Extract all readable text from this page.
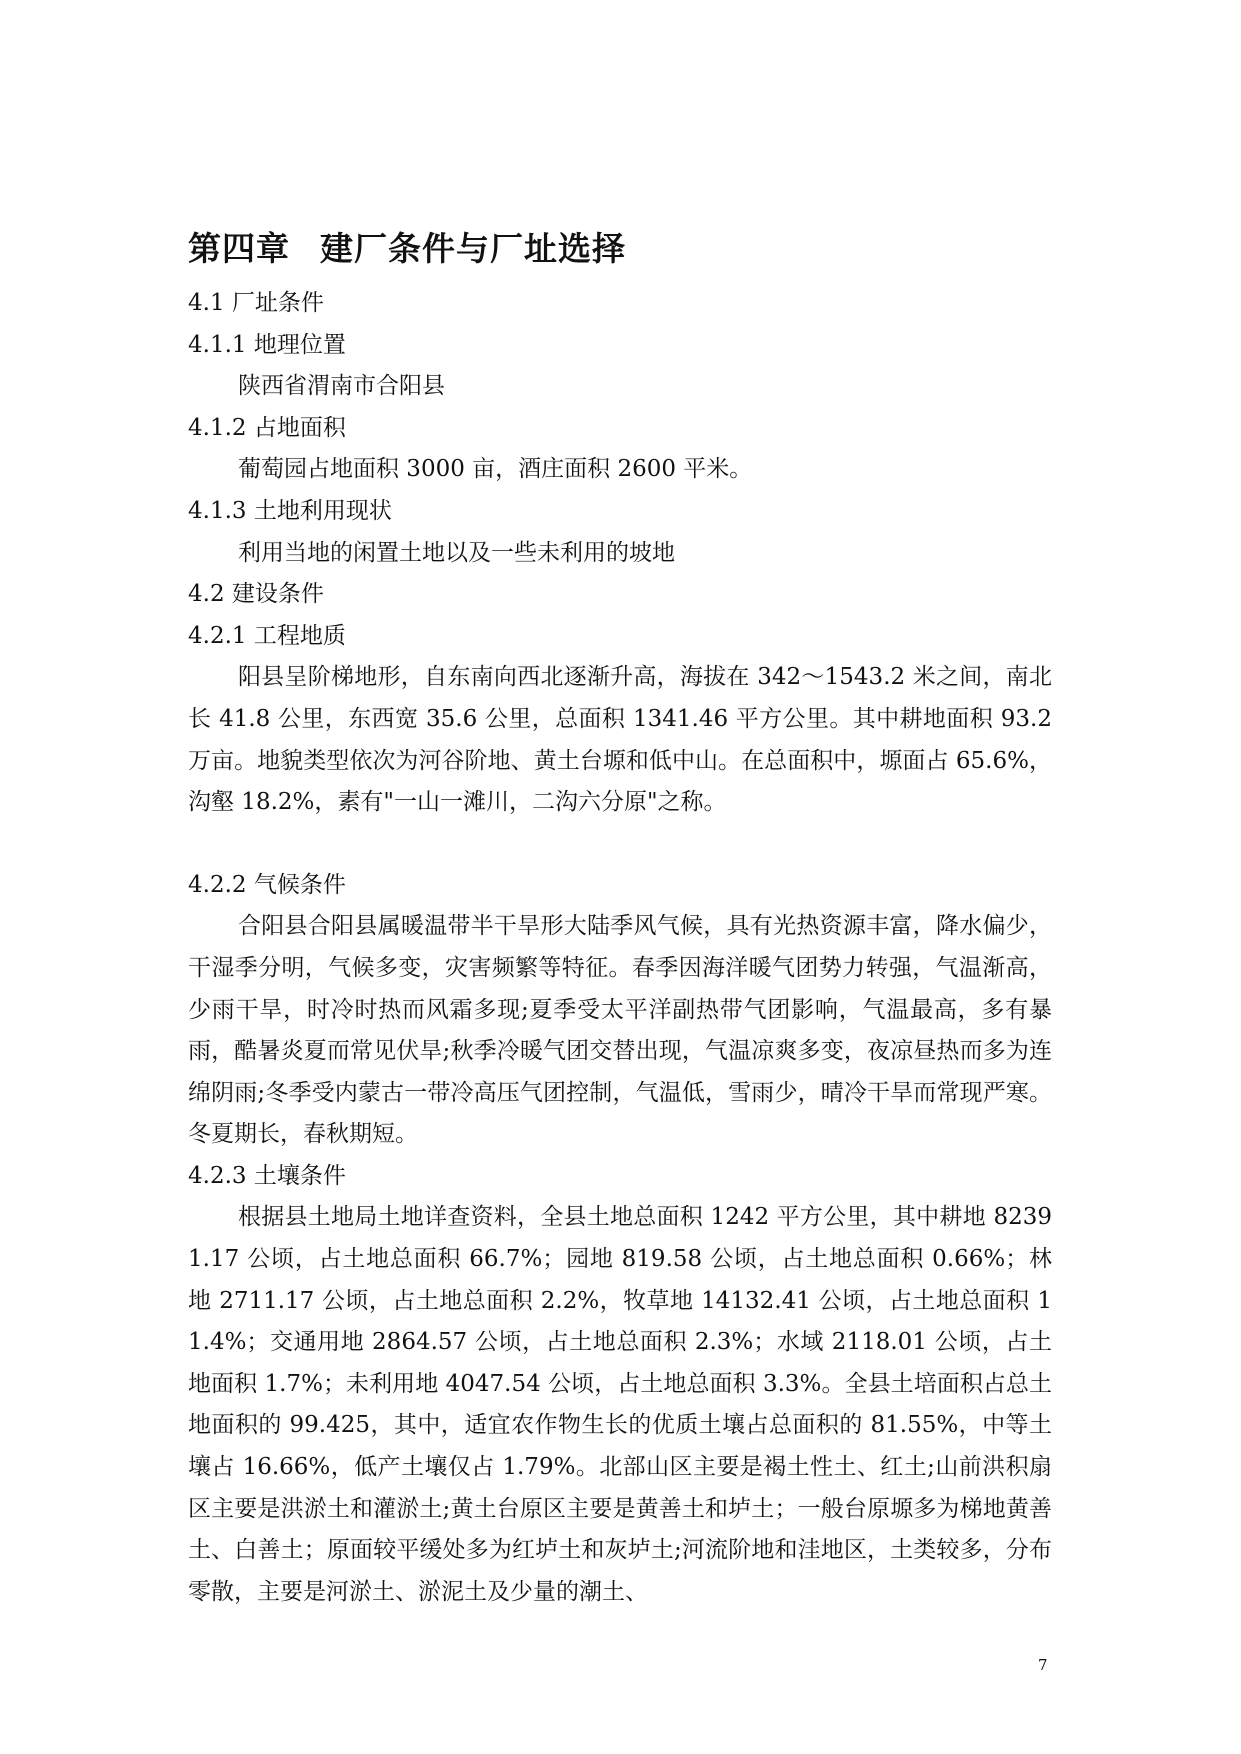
第四章 建厂条件与厂址选择
4.1 厂址条件
4.1.1 地理位置
陕西省渭南市合阳县
4.1.2 占地面积
葡萄园占地面积 3000 亩，酒庄面积 2600 平米。
4.1.3 土地利用现状
利用当地的闲置土地以及一些未利用的坡地
4.2 建设条件
4.2.1 工程地质

阳县呈阶梯地形，自东南向西北逐渐升高，海拔在 342～1543.2 米之间，南北长 41.8 公里，东西宽 35.6 公里，总面积 1341.46 平方公里。其中耕地面积 93.2 万亩。地貌类型依次为河谷阶地、黄土台塬和低中山。在总面积中，塬面占 65.6%，沟壑 18.2%，素有"一山一滩川，二沟六分原"之称。

4.2.2 气候条件

合阳县合阳县属暖温带半干旱形大陆季风气候，具有光热资源丰富，降水偏少，干湿季分明，气候多变，灾害频繁等特征。春季因海洋暖气团势力转强，气温渐高，少雨干旱，时冷时热而风霜多现;夏季受太平洋副热带气团影响，气温最高，多有暴雨，酷暑炎夏而常见伏旱;秋季冷暖气团交替出现，气温凉爽多变，夜凉昼热而多为连绵阴雨;冬季受内蒙古一带冷高压气团控制，气温低，雪雨少，晴冷干旱而常现严寒。冬夏期长，春秋期短。

4.2.3 土壤条件

根据县土地局土地详查资料，全县土地总面积 1242 平方公里，其中耕地 82391.17 公顷，占土地总面积 66.7%；园地 819.58 公顷，占土地总面积 0.66%；林地 2711.17 公顷，占土地总面积 2.2%，牧草地 14132.41 公顷，占土地总面积 11.4%；交通用地 2864.57 公顷，占土地总面积 2.3%；水域 2118.01 公顷，占土地面积 1.7%；未利用地 4047.54 公顷，占土地总面积 3.3%。全县土培面积占总土地面积的 99.425，其中，适宜农作物生长的优质土壤占总面积的 81.55%，中等土壤占 16.66%，低产土壤仅占 1.79%。北部山区主要是褐土性土、红土;山前洪积扇区主要是洪淤土和灌淤土;黄土台原区主要是黄善土和垆土；一般台原塬多为梯地黄善土、白善土；原面较平缓处多为红垆土和灰垆土;河流阶地和洼地区，土类较多，分布零散，主要是河淤土、淤泥土及少量的潮土、

7
